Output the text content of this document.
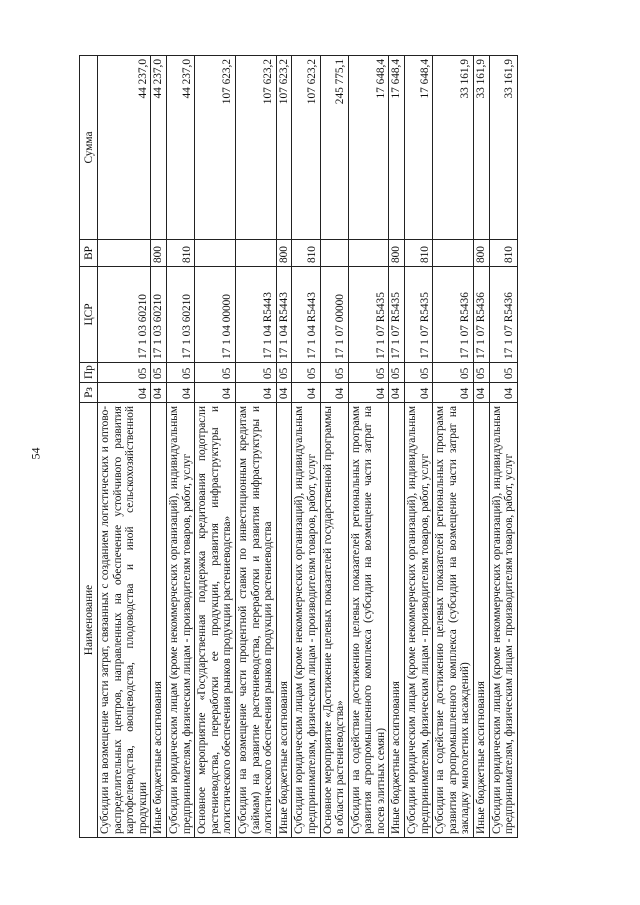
54
Наименование	Рз	Пр	ЦСР	ВР	Сумма
Субсидии на возмещение части затрат, связанных с созданием логистических и оптово-распределительных центров, направленных на обеспечение устойчивого развития картофелеводства, овощеводства, плодоводства и иной сельскохозяйственной продукции	04	05	17 1 03 60210		44 237,0
Иные бюджетные ассигнования	04	05	17 1 03 60210	800	44 237,0
Субсидии юридическим лицам (кроме некоммерческих организаций), индивидуальным предпринимателям, физическим лицам - производителям товаров, работ, услуг	04	05	17 1 03 60210	810	44 237,0
Основное мероприятие «Государственная поддержка кредитования подотрасли растениеводства, переработки ее продукции, развития инфраструктуры и логистического обеспечения рынков продукции растениеводства»	04	05	17 1 04 00000		107 623,2
Субсидии на возмещение части процентной ставки по инвестиционным кредитам (займам) на развитие растениеводства, переработки и развития инфраструктуры и логистического обеспечения рынков продукции растениеводства	04	05	17 1 04 R5443		107 623,2
Иные бюджетные ассигнования	04	05	17 1 04 R5443	800	107 623,2
Субсидии юридическим лицам (кроме некоммерческих организаций), индивидуальным предпринимателям, физическим лицам - производителям товаров, работ, услуг	04	05	17 1 04 R5443	810	107 623,2
Основное мероприятие «Достижение целевых показателей государственной программы в области растениеводства»	04	05	17 1 07 00000		245 775,1
Субсидии на содействие достижению целевых показателей региональных программ развития агропромышленного комплекса (субсидии на возмещение части затрат на посев элитных семян)	04	05	17 1 07 R5435		17 648,4
Иные бюджетные ассигнования	04	05	17 1 07 R5435	800	17 648,4
Субсидии юридическим лицам (кроме некоммерческих организаций), индивидуальным предпринимателям, физическим лицам - производителям товаров, работ, услуг	04	05	17 1 07 R5435	810	17 648,4
Субсидии на содействие достижению целевых показателей региональных программ развития агропромышленного комплекса (субсидии на возмещение части затрат на закладку многолетних насаждений)	04	05	17 1 07 R5436		33 161,9
Иные бюджетные ассигнования	04	05	17 1 07 R5436	800	33 161,9
Субсидии юридическим лицам (кроме некоммерческих организаций), индивидуальным предпринимателям, физическим лицам - производителям товаров, работ, услуг	04	05	17 1 07 R5436	810	33 161,9
